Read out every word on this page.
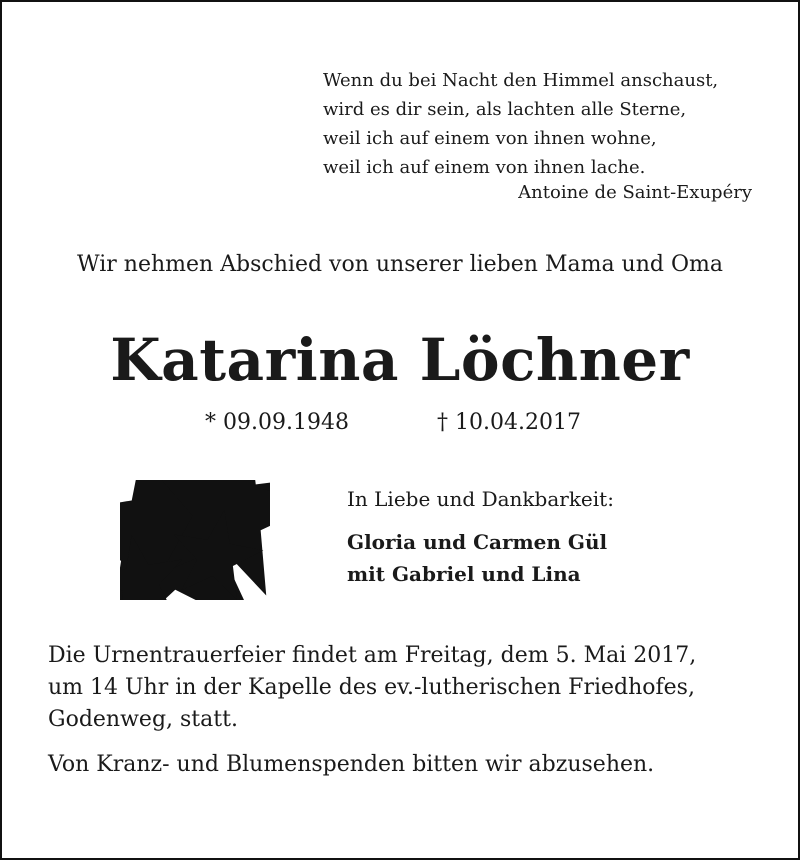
Wenn du bei Nacht den Himmel anschaust,
wird es dir sein, als lachten alle Sterne,
weil ich auf einem von ihnen wohne,
weil ich auf einem von ihnen lache.
Antoine de Saint-Exupéry
Wir nehmen Abschied von unserer lieben Mama und Oma
Katarina Löchner
* 09.09.1948	† 10.04.2017
In Liebe und Dankbarkeit:
Gloria und Carmen Gül
mit Gabriel und Lina
Die Urnentrauerfeier findet am Freitag, dem 5. Mai 2017,
um 14 Uhr in der Kapelle des ev.-lutherischen Friedhofes,
Godenweg, statt.
Von Kranz- und Blumenspenden bitten wir abzusehen.
